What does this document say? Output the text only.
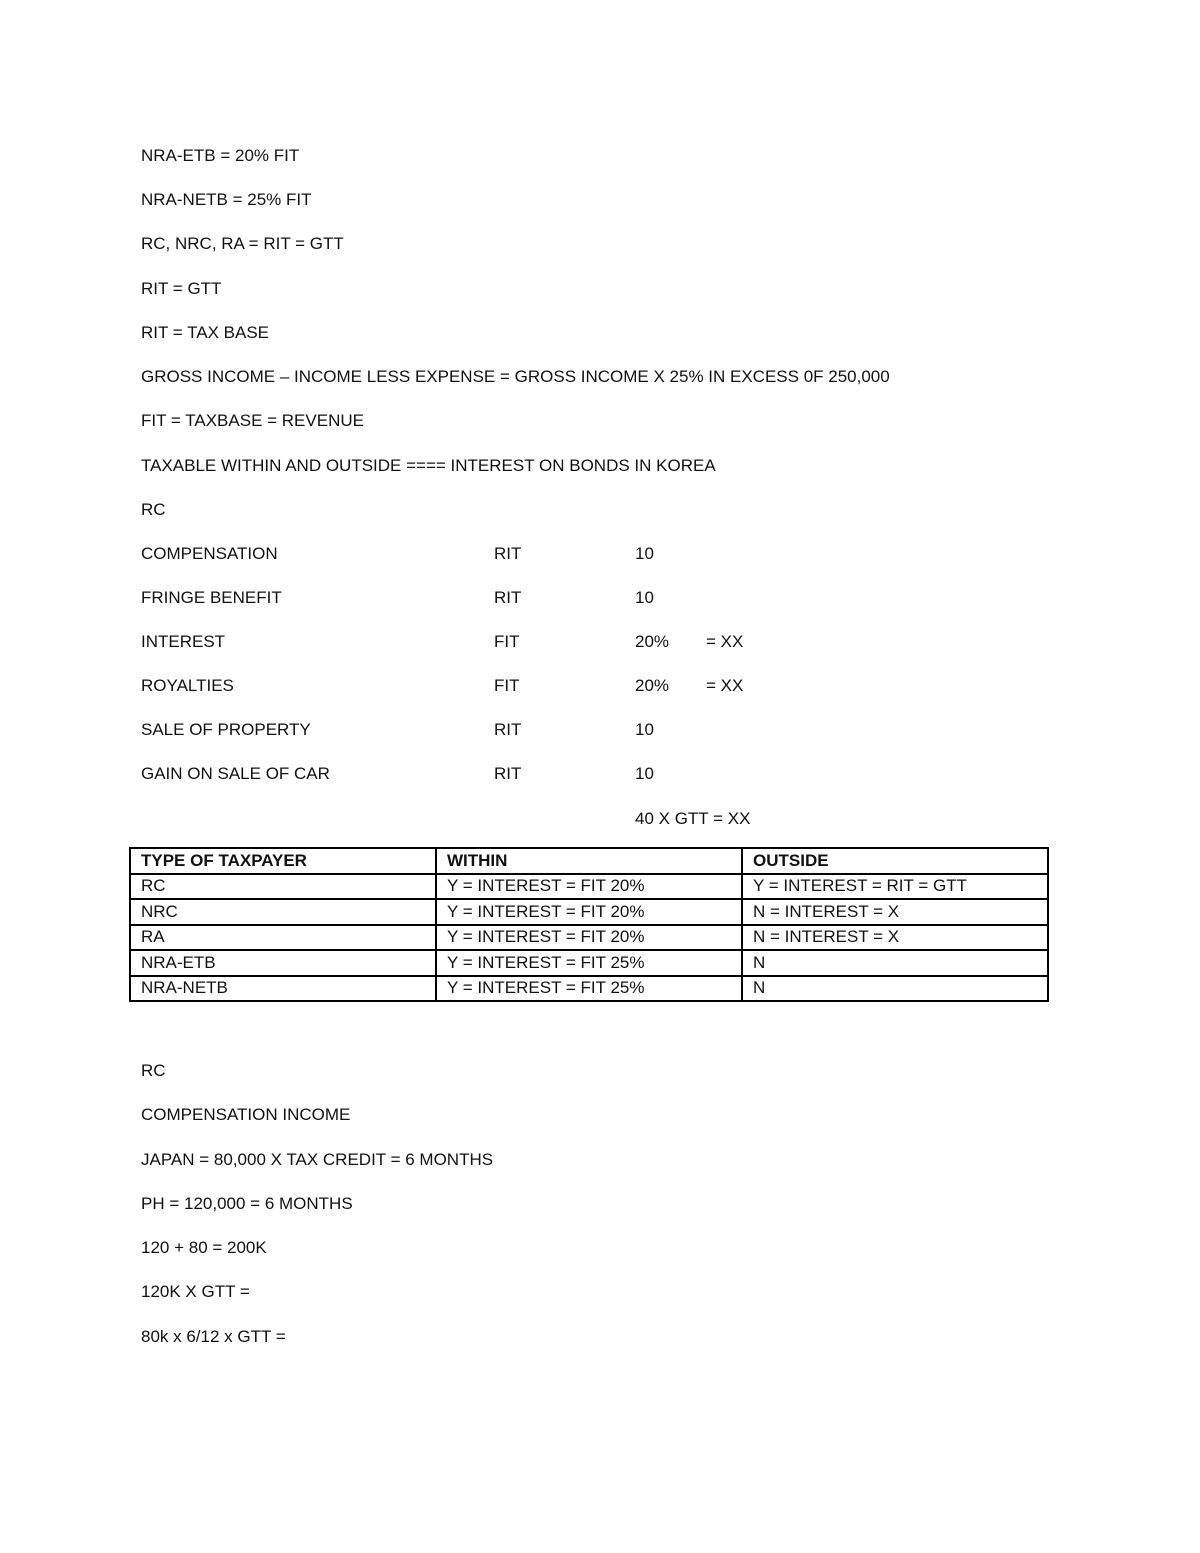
NRA-ETB = 20% FIT
NRA-NETB = 25% FIT
RC, NRC, RA = RIT = GTT
RIT = GTT
RIT = TAX BASE
GROSS INCOME – INCOME LESS EXPENSE = GROSS INCOME X 25% IN EXCESS 0F 250,000
FIT = TAXBASE = REVENUE
TAXABLE WITHIN AND OUTSIDE ==== INTEREST ON BONDS IN KOREA
RC
COMPENSATION	RIT	10
FRINGE BENEFIT	RIT	10
INTEREST	FIT	20% = XX
ROYALTIES	FIT	20% = XX
SALE OF PROPERTY	RIT	10
GAIN ON SALE OF CAR	RIT	10
40 X GTT = XX
TYPE OF TAXPAYER	WITHIN	OUTSIDE
RC	Y = INTEREST = FIT 20%	Y = INTEREST = RIT = GTT
NRC	Y = INTEREST = FIT 20%	N = INTEREST = X
RA	Y = INTEREST = FIT 20%	N = INTEREST = X
NRA-ETB	Y = INTEREST = FIT 25%	N
NRA-NETB	Y = INTEREST = FIT 25%	N
RC
COMPENSATION INCOME
JAPAN = 80,000 X TAX CREDIT = 6 MONTHS
PH = 120,000 = 6 MONTHS
120 + 80 = 200K
120K X GTT =
80k x 6/12 x GTT =
